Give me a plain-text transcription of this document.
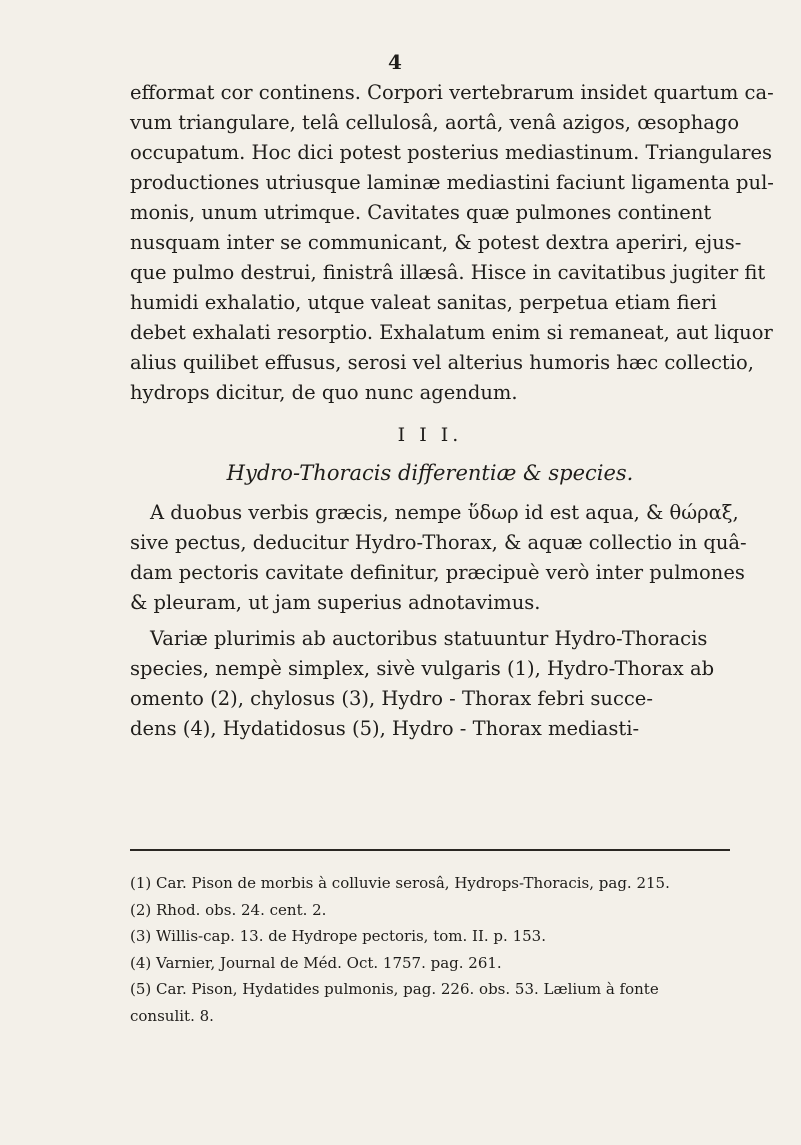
4

efformat cor continens. Corpori vertebrarum insidet quartum ca-
vum triangulare, telâ cellulosâ, aortâ, venâ azigos, œsophago
occupatum. Hoc dici potest posterius mediastinum. Triangulares
productiones utriusque laminæ mediastini faciunt ligamenta pul-
monis, unum utrimque. Cavitates quæ pulmones continent
nusquam inter se communicant, & potest dextra aperiri, ejus-
que pulmo destrui, finistrâ illæsâ. Hisce in cavitatibus jugiter fit
humidi exhalatio, utque valeat sanitas, perpetua etiam fieri
debet exhalati resorptio. Exhalatum enim si remaneat, aut liquor
alius quilibet effusus, serosi vel alterius humoris hæc collectio,
hydrops dicitur, de quo nunc agendum.

I I I.
Hydro-Thoracis differentiæ & species.

A duobus verbis græcis, nempe ὕδωρ id est aqua, & θώραξ,
sive pectus, deducitur Hydro-Thorax, & aquæ collectio in quâ-
dam pectoris cavitate definitur, præcipuè verò inter pulmones
& pleuram, ut jam superius adnotavimus.

Variæ plurimis ab auctoribus statuuntur Hydro-Thoracis
species, nempè simplex, sivè vulgaris (1), Hydro-Thorax ab
omento (2), chylosus (3), Hydro - Thorax febri succe-
dens (4), Hydatidosus (5), Hydro - Thorax mediasti-

(1) Car. Pison de morbis à colluvie serosâ, Hydrops-Thoracis, pag. 215.
(2) Rhod. obs. 24. cent. 2.
(3) Willis-cap. 13. de Hydrope pectoris, tom. II. p. 153.
(4) Varnier, Journal de Méd. Oct. 1757. pag. 261.
(5) Car. Pison, Hydatides pulmonis, pag. 226. obs. 53. Lælium à fonte
consulit. 8.
